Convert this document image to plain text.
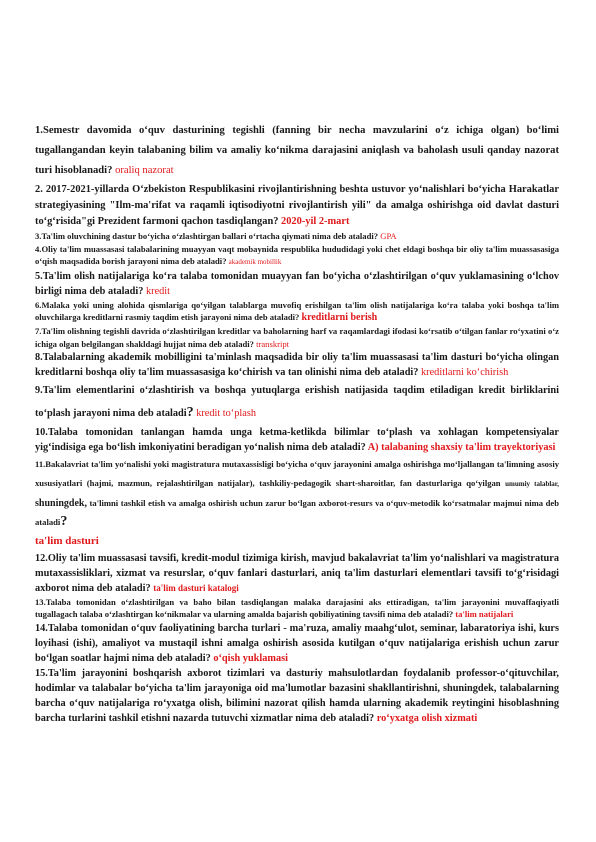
1.Semestr davomida oʻquv dasturining tegishli (fanning bir necha mavzularini oʻz ichiga olgan) boʻlimi tugallangandan keyin talabaning bilim va amaliy koʻnikma darajasini aniqlash va baholash usuli qanday nazorat turi hisoblanadi? oraliq nazorat

2. 2017-2021-yillarda Oʻzbekiston Respublikasini rivojlantirishning beshta ustuvor yoʻnalishlari boʻyicha Harakatlar strategiyasining "Ilm-ma'rifat va raqamli iqtisodiyotni rivojlantirish yili" da amalga oshirishga oid davlat dasturi toʻgʻrisida"gi Prezident farmoni qachon tasdiqlangan? 2020-yil 2-mart

3.Ta'lim oluvchining dastur boʻyicha oʻzlashtirgan ballari oʻrtacha qiymati nima deb ataladi? GPA

4.Oliy ta'lim muassasasi talabalarining muayyan vaqt mobaynida respublika hududidagi yoki chet eldagi boshqa bir oliy ta'lim muassasasiga oʻqish maqsadida borish jarayoni nima deb ataladi? akademik mobillik

5.Ta'lim olish natijalariga koʻra talaba tomonidan muayyan fan boʻyicha oʻzlashtirilgan oʻquv yuklamasining oʻlchov birligi nima deb ataladi? kredit

6.Malaka yoki uning alohida qismlariga qoʻyilgan talablarga muvofiq erishilgan ta'lim olish natijalariga koʻra talaba yoki boshqa ta'lim oluvchilarga kreditlarni rasmiy taqdim etish jarayoni nima deb ataladi? kreditlarni berish

7.Ta'lim olishning tegishli davrida oʻzlashtirilgan kreditlar va baholarning harf va raqamlardagi ifodasi koʻrsatib oʻtilgan fanlar roʻyxatini oʻz ichiga olgan belgilangan shakldagi hujjat nima deb ataladi? transkript

8.Talabalarning akademik mobilligini ta'minlash maqsadida bir oliy ta'lim muassasasi ta'lim dasturi boʻyicha olingan kreditlarni boshqa oliy ta'lim muassasasiga koʻchirish va tan olinishi nima deb ataladi? kreditlarni koʻchirish

9.Ta'lim elementlarini oʻzlashtirish va boshqa yutuqlarga erishish natijasida taqdim etiladigan kredit birliklarini toʻplash jarayoni nima deb ataladi? kredit toʻplash

10.Talaba tomonidan tanlangan hamda unga ketma-ketlikda bilimlar toʻplash va xohlagan kompetensiyalar yigʻindisiga ega boʻlish imkoniyatini beradigan yoʻnalish nima deb ataladi? A) talabaning shaxsiy ta'lim trayektoriyasi

11.Bakalavriat ta'lim yoʻnalishi yoki magistratura mutaxassisligi boʻyicha oʻquv jarayonini amalga oshirishga moʻljallangan ta'limning asosiy xususiyatlari (hajmi, mazmun, rejalashtirilgan natijalar), tashkiliy-pedagogik shart-sharoitlar, fan dasturlariga qoʻyilgan umumiy talablar, shuningdek, ta'limni tashkil etish va amalga oshirish uchun zarur boʻlgan axborot-resurs va oʻquv-metodik koʻrsatmalar majmui nima deb ataladi?
ta'lim dasturi

12.Oliy ta'lim muassasasi tavsifi, kredit-modul tizimiga kirish, mavjud bakalavriat ta'lim yoʻnalishlari va magistratura mutaxassisliklari, xizmat va resurslar, oʻquv fanlari dasturlari, aniq ta'lim dasturlari elementlari tavsifi toʻgʻrisidagi axborot nima deb ataladi? ta'lim dasturi katalogi

13.Talaba tomonidan oʻzlashtirilgan va baho bilan tasdiqlangan malaka darajasini aks ettiradigan, ta'lim jarayonini muvaffaqiyatli tugallagach talaba oʻzlashtirgan koʻnikmalar va ularning amalda bajarish qobiliyatining tavsifi nima deb ataladi? ta'lim natijalari

14.Talaba tomonidan oʻquv faoliyatining barcha turlari - ma'ruza, amaliy maahgʻulot, seminar, labaratoriya ishi, kurs loyihasi (ishi), amaliyot va mustaqil ishni amalga oshirish asosida kutilgan oʻquv natijalariga erishish uchun zarur boʻlgan soatlar hajmi nima deb ataladi? oʻqish yuklamasi

15.Ta'lim jarayonini boshqarish axborot tizimlari va dasturiy mahsulotlardan foydalanib professor-oʻqituvchilar, hodimlar va talabalar boʻyicha ta'lim jarayoniga oid ma'lumotlar bazasini shakllantirishni, shuningdek, talabalarning barcha oʻquv natijalariga roʻyxatga olish, bilimini nazorat qilish hamda ularning akademik reytingini hisoblashning barcha turlarini tashkil etishni nazarda tutuvchi xizmatlar nima deb ataladi? roʻyxatga olish xizmati
